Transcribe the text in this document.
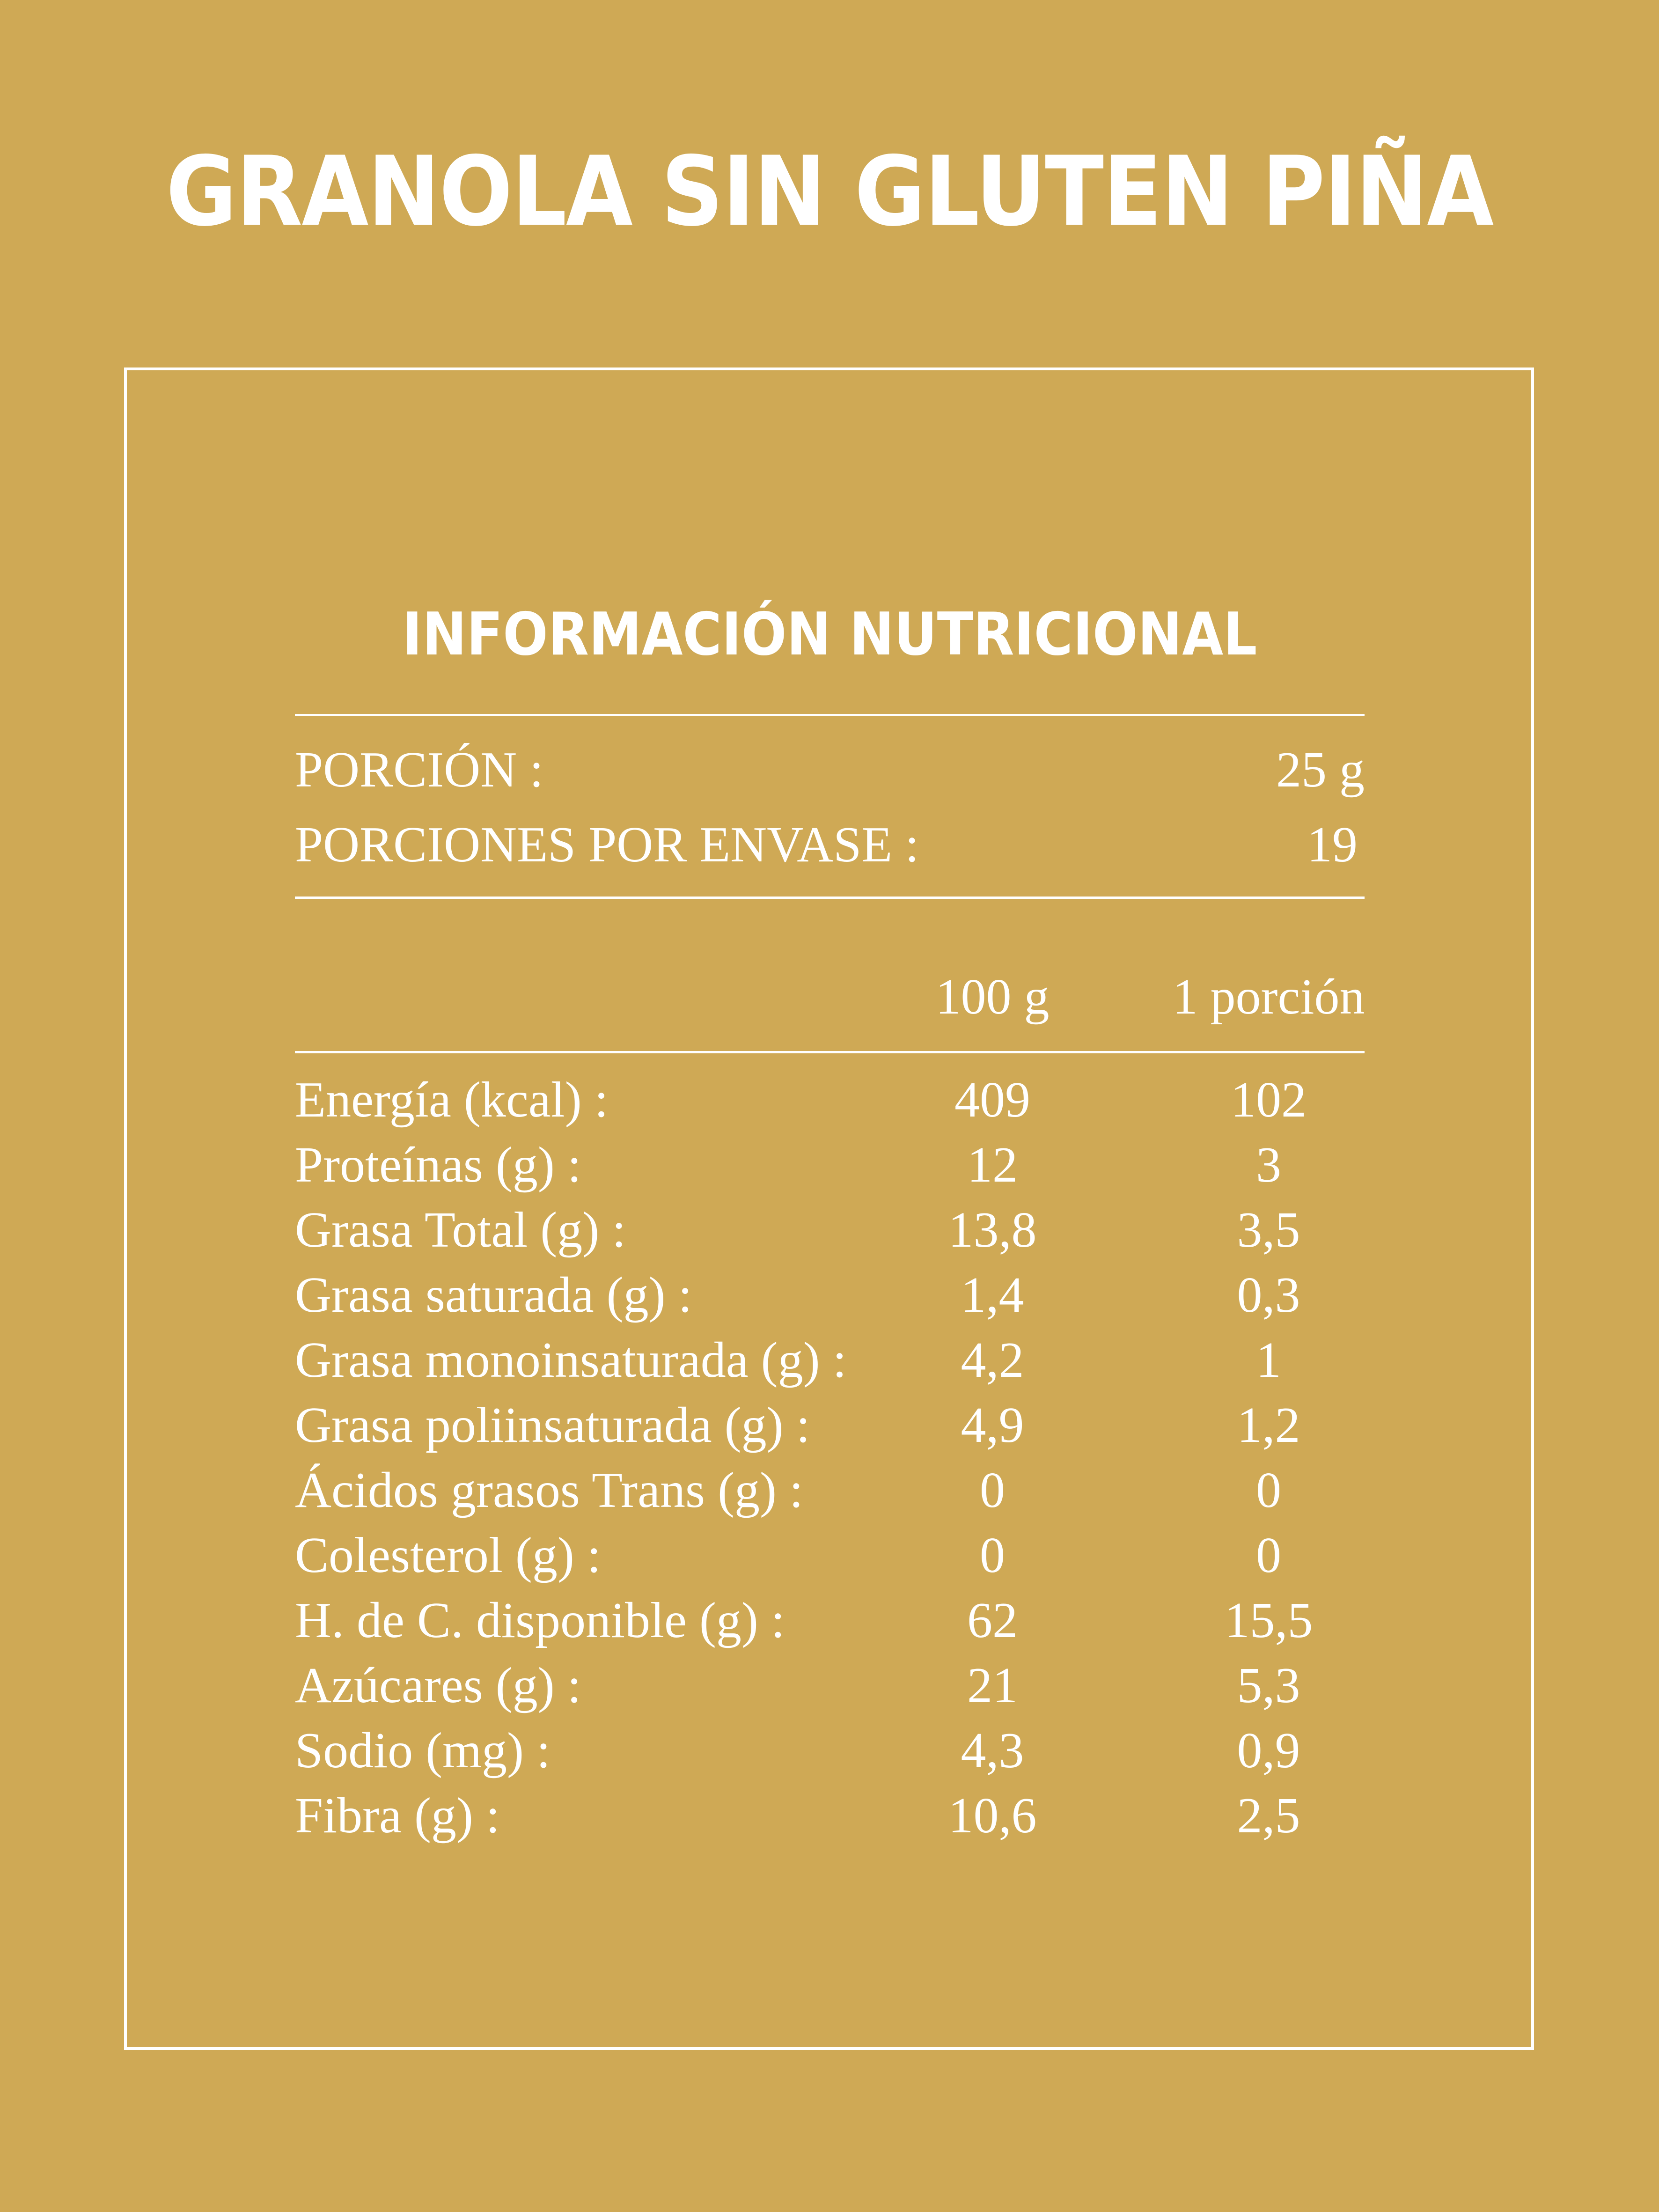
GRANOLA SIN GLUTEN PIÑA
INFORMACIÓN NUTRICIONAL
PORCIÓN :	25 g
PORCIONES POR ENVASE :	19
100 g	1 porción
Energía (kcal) :	409	102
Proteínas (g) :	12	3
Grasa Total (g) :	13,8	3,5
Grasa saturada (g) :	1,4	0,3
Grasa monoinsaturada (g) :	4,2	1
Grasa poliinsaturada (g) :	4,9	1,2
Ácidos grasos Trans (g) :	0	0
Colesterol (g) :	0	0
H. de C. disponible (g) :	62	15,5
Azúcares (g) :	21	5,3
Sodio (mg) :	4,3	0,9
Fibra (g) :	10,6	2,5
